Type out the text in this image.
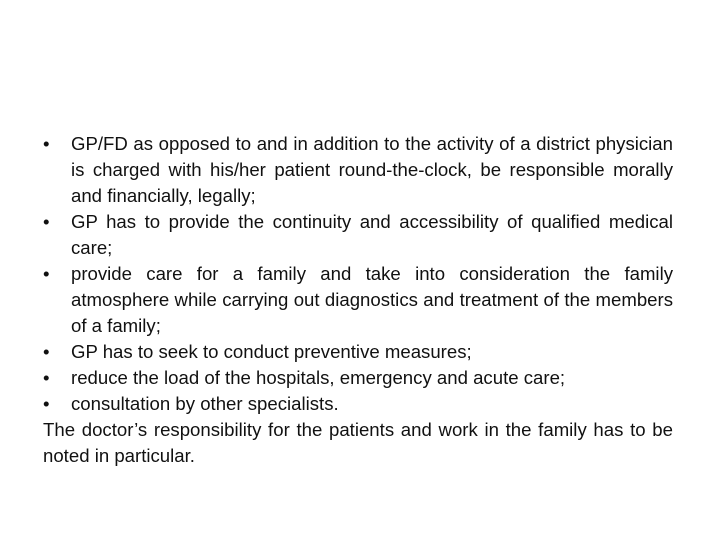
•	GP/FD as opposed to and in addition to the activity of a district physician is charged with his/her patient round-the-clock, be responsible morally and financially, legally;
•	GP has to provide the continuity and accessibility of qualified medical care;
•	provide care for a family and take into consideration the family atmosphere while carrying out diagnostics and treatment of the members of a family;
•	GP has to seek to conduct preventive measures;
•	reduce the load of the hospitals, emergency and acute care;
•	consultation by other specialists.

The doctor’s responsibility for the patients and work in the family has to be noted in particular.
